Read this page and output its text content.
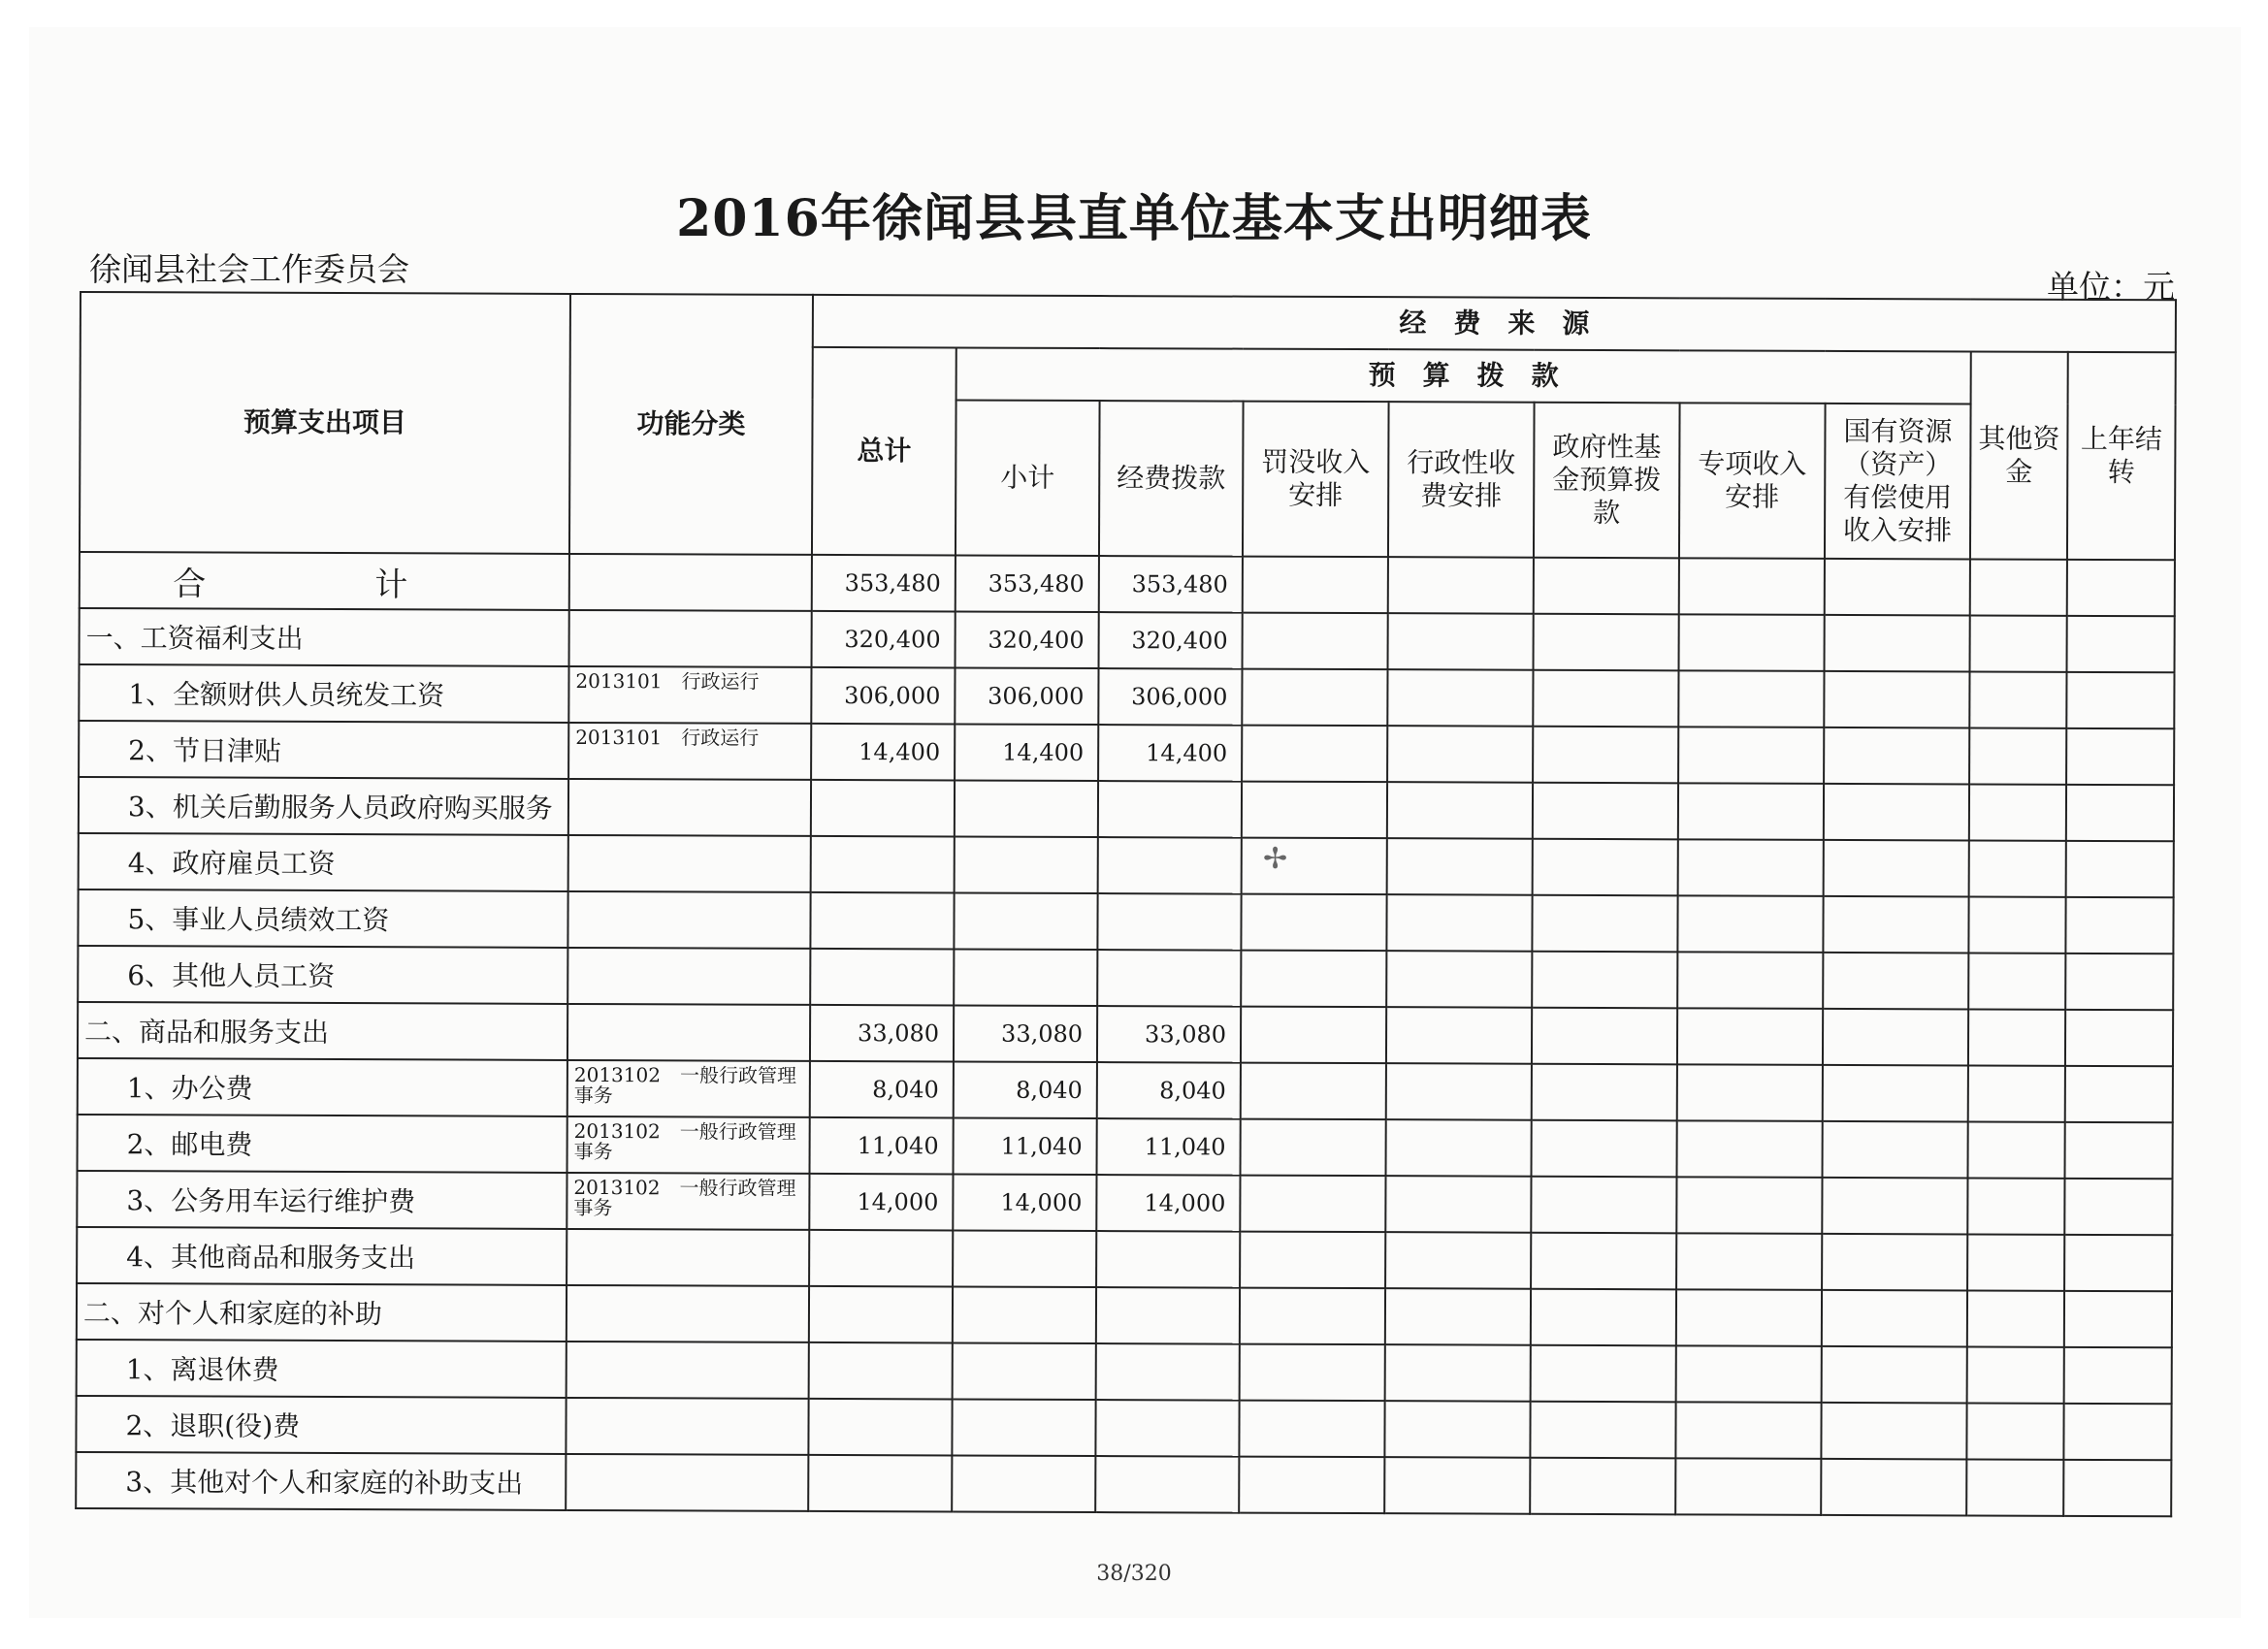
2016年徐闻县县直单位基本支出明细表
徐闻县社会工作委员会	单位：元
预算支出项目	功能分类	经　费　来　源									
		总计	预　算　拨　款							其他资金	上年结转
			小计	经费拨款	罚没收入安排	行政性收费安排	政府性基金预算拨款	专项收入安排	国有资源（资产）有偿使用收入安排		
合　计		353,480	353,480	353,480							
一、工资福利支出		320,400	320,400	320,400							
1、全额财供人员统发工资	2013101　行政运行	306,000	306,000	306,000							
2、节日津贴	2013101　行政运行	14,400	14,400	14,400							
3、机关后勤服务人员政府购买服务											
4、政府雇员工资											
5、事业人员绩效工资											
6、其他人员工资											
二、商品和服务支出		33,080	33,080	33,080							
1、办公费	2013102　一般行政管理事务	8,040	8,040	8,040							
2、邮电费	2013102　一般行政管理事务	11,040	11,040	11,040							
3、公务用车运行维护费	2013102　一般行政管理事务	14,000	14,000	14,000							
4、其他商品和服务支出											
二、对个人和家庭的补助											
1、离退休费											
2、退职(役)费											
3、其他对个人和家庭的补助支出											
✢
38/320
